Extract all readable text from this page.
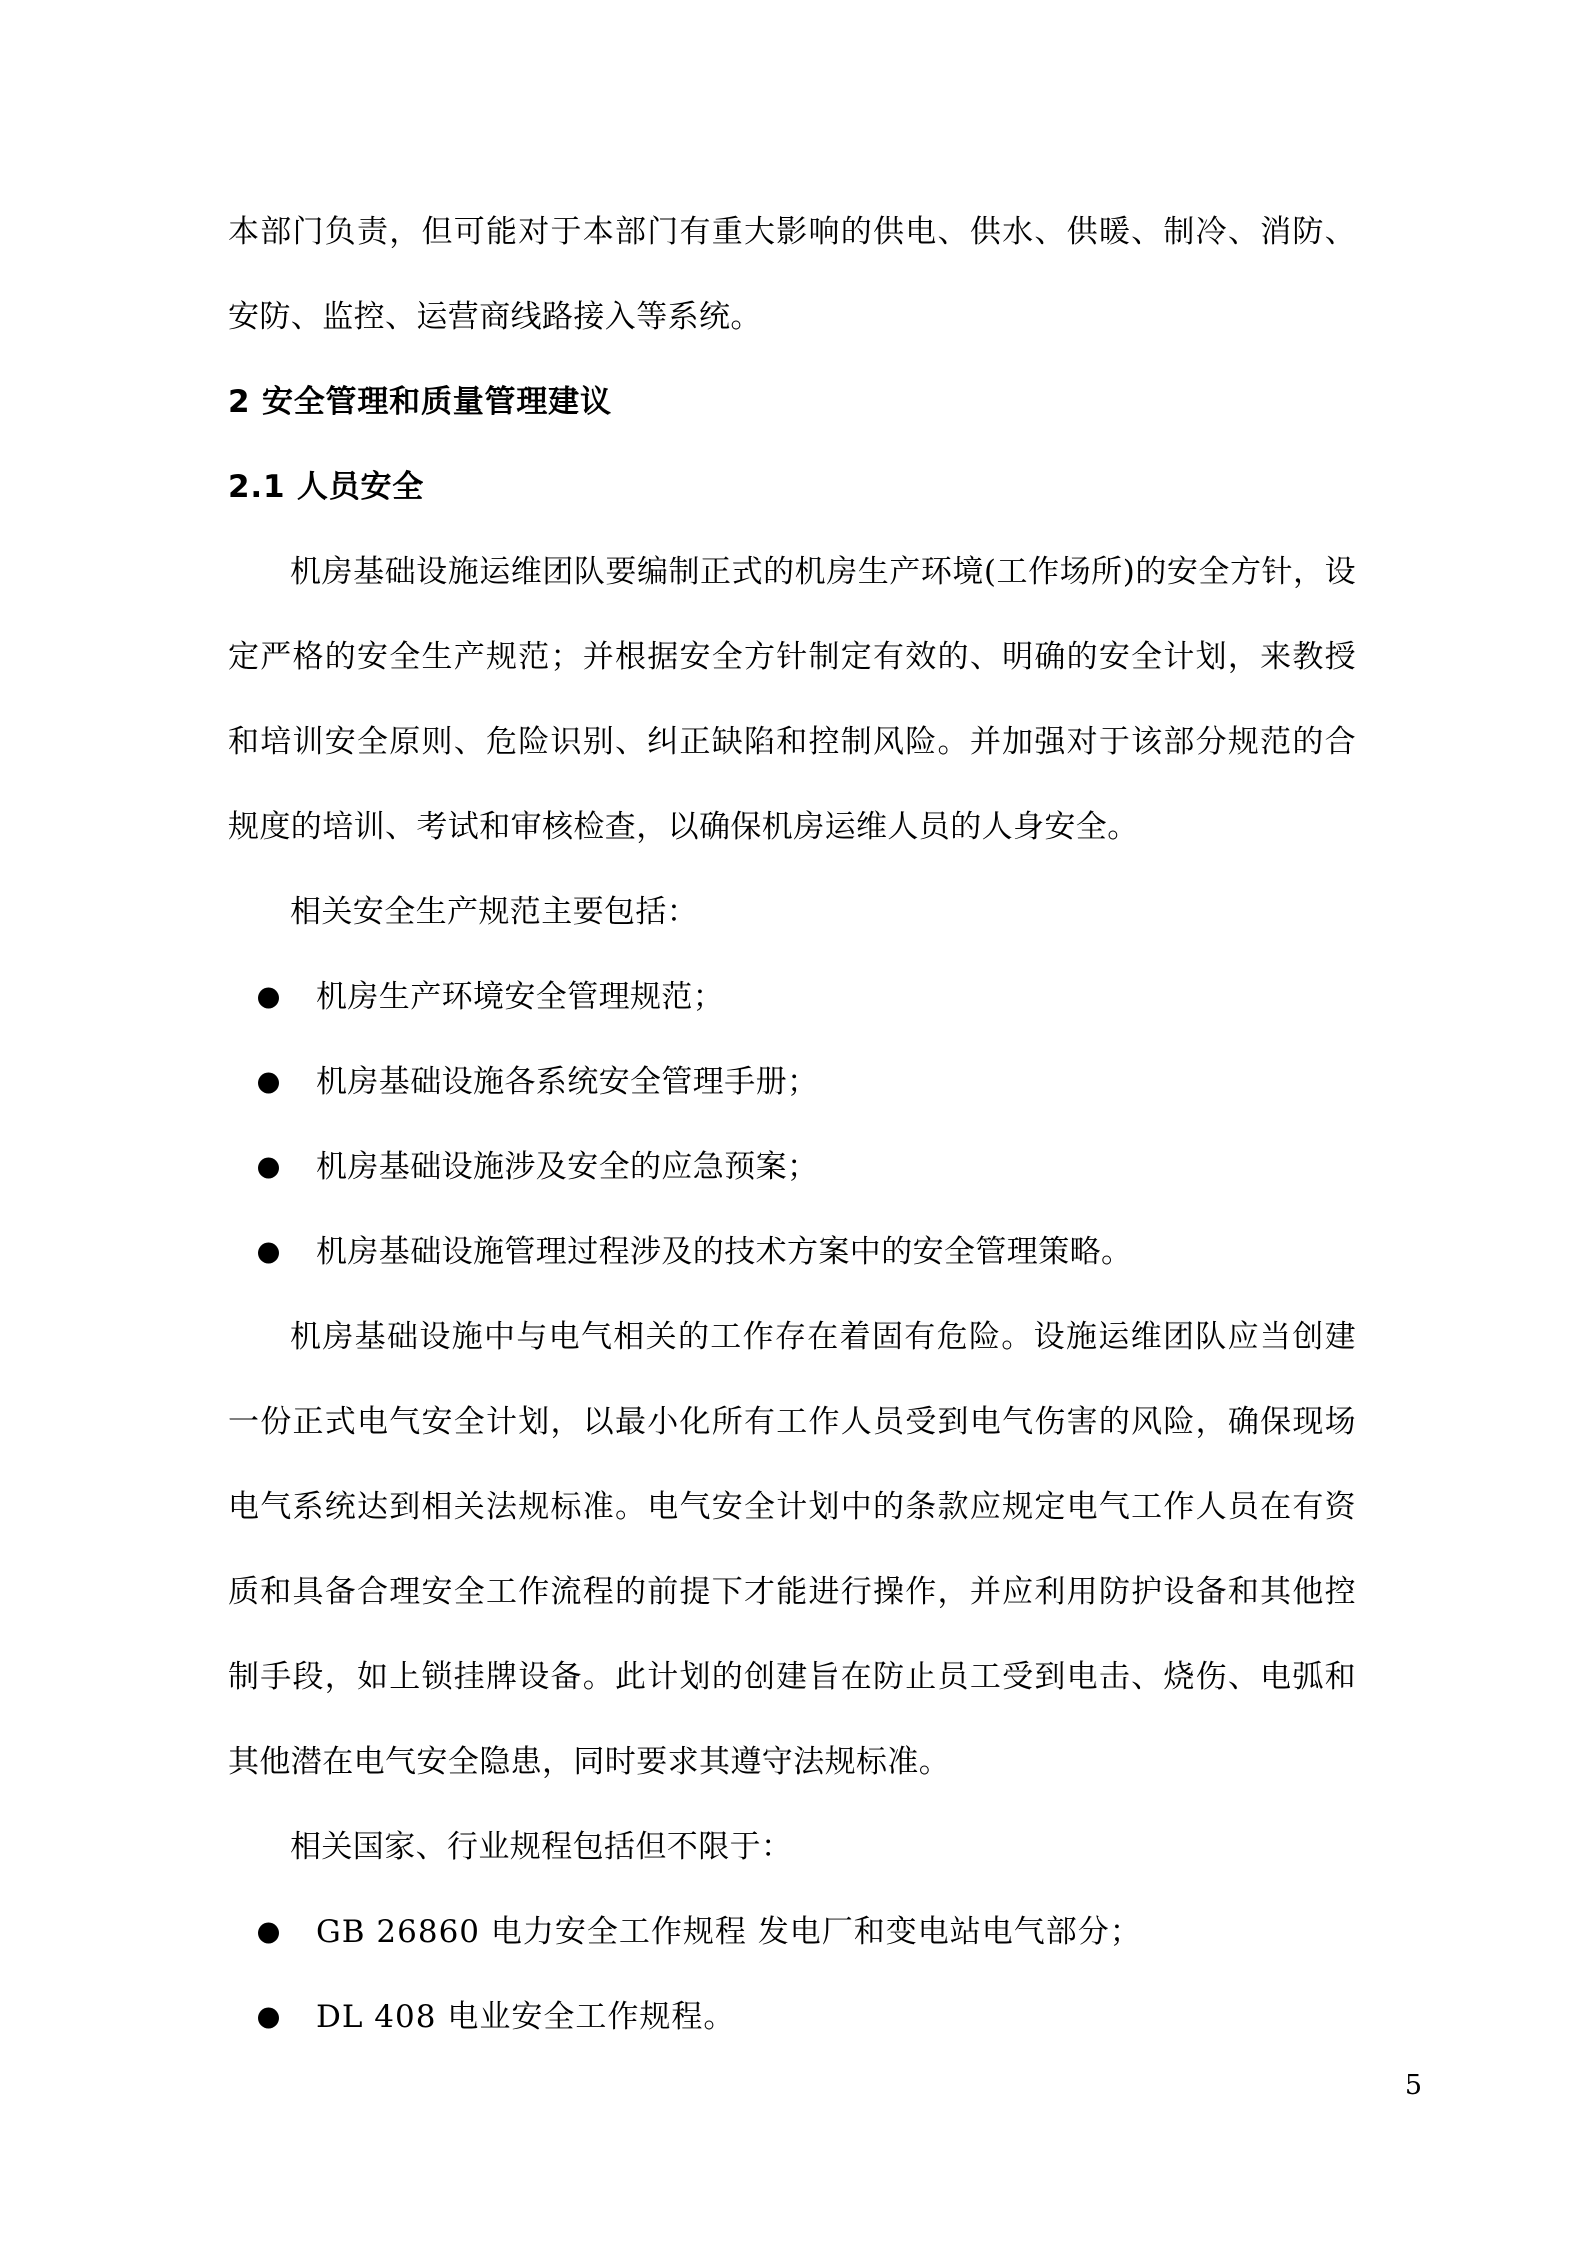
本部门负责，但可能对于本部门有重大影响的供电、供水、供暖、制冷、消防、安防、监控、运营商线路接入等系统。

2 安全管理和质量管理建议
2.1 人员安全

机房基础设施运维团队要编制正式的机房生产环境(工作场所)的安全方针，设定严格的安全生产规范；并根据安全方针制定有效的、明确的安全计划，来教授和培训安全原则、危险识别、纠正缺陷和控制风险。并加强对于该部分规范的合规度的培训、考试和审核检查，以确保机房运维人员的人身安全。

相关安全生产规范主要包括：

机房生产环境安全管理规范；
机房基础设施各系统安全管理手册；
机房基础设施涉及安全的应急预案；
机房基础设施管理过程涉及的技术方案中的安全管理策略。

机房基础设施中与电气相关的工作存在着固有危险。设施运维团队应当创建一份正式电气安全计划，以最小化所有工作人员受到电气伤害的风险，确保现场电气系统达到相关法规标准。电气安全计划中的条款应规定电气工作人员在有资质和具备合理安全工作流程的前提下才能进行操作，并应利用防护设备和其他控制手段，如上锁挂牌设备。此计划的创建旨在防止员工受到电击、烧伤、电弧和其他潜在电气安全隐患，同时要求其遵守法规标准。

相关国家、行业规程包括但不限于：

GB 26860 电力安全工作规程 发电厂和变电站电气部分；
DL 408 电业安全工作规程。
5
